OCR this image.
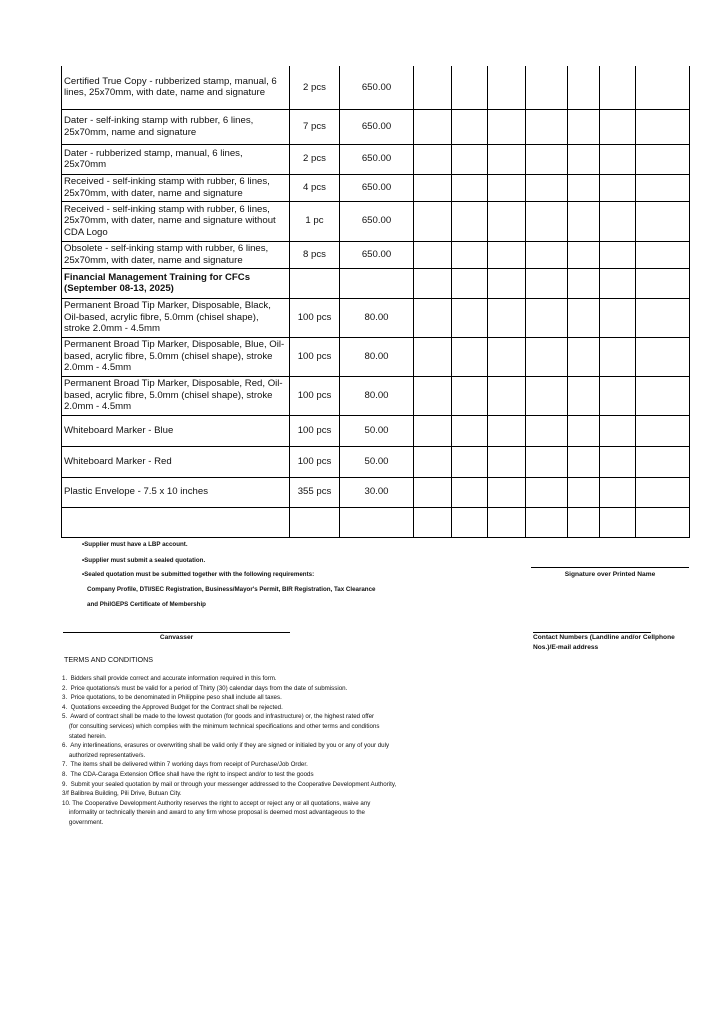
Certified True Copy - rubberized stamp, manual, 6 lines, 25x70mm, with date, name and signature	2 pcs	650.00							
Dater - self-inking stamp with rubber, 6 lines, 25x70mm, name and signature	7 pcs	650.00							
Dater - rubberized stamp, manual, 6 lines, 25x70mm	2 pcs	650.00							
Received - self-inking stamp with rubber, 6 lines, 25x70mm, with dater, name and signature	4 pcs	650.00							
Received - self-inking stamp with rubber, 6 lines, 25x70mm, with dater, name and signature without CDA Logo	1 pc	650.00							
Obsolete - self-inking stamp with rubber, 6 lines, 25x70mm, with dater, name and signature	8 pcs	650.00							
Financial Management Training for CFCs (September 08-13, 2025)									
Permanent Broad Tip Marker, Disposable, Black, Oil-based, acrylic fibre, 5.0mm (chisel shape), stroke 2.0mm - 4.5mm	100 pcs	80.00							
Permanent Broad Tip Marker, Disposable, Blue, Oil-based, acrylic fibre, 5.0mm (chisel shape), stroke 2.0mm - 4.5mm	100 pcs	80.00							
Permanent Broad Tip Marker, Disposable, Red, Oil-based, acrylic fibre, 5.0mm (chisel shape), stroke 2.0mm - 4.5mm	100 pcs	80.00							
Whiteboard Marker - Blue	100 pcs	50.00							
Whiteboard Marker - Red	100 pcs	50.00							
Plastic Envelope - 7.5 x 10 inches	355 pcs	30.00							

•Supplier must have a LBP account.
•Supplier must submit a sealed quotation.
•Sealed quotation must be submitted together with the following requirements:
Company Profile, DTI/SEC Registration, Business/Mayor's Permit, BIR Registration, Tax Clearance
and PhilGEPS Certificate of Membership
Signature over Printed Name
Canvasser	Contact Numbers (Landline and/or Cellphone Nos.)/E-mail address
TERMS AND CONDITIONS
1.  Bidders shall provide correct and accurate information required in this form.
2.  Price quotations/s must be valid for a period of Thirty (30) calendar days from the date of submission.
3.  Price quotations, to be denominated in Philippine peso shall include all taxes.
4.  Quotations exceeding the Approved Budget for the Contract shall be rejected.
5.  Award of contract shall be made to the lowest quotation (for goods and infrastructure) or, the highest rated offer
(for consulting services) which complies with the minimum technical specifications and other terms and conditions
stated herein.
6.  Any interlineations, erasures or overwriting shall be valid only if they are signed or initialed by you or any of your duly
authorized representative/s.
7.  The items shall be delivered within 7 working days from receipt of Purchase/Job Order.
8.  The CDA-Caraga Extension Office shall have the right to inspect and/or to test the goods
9.  Submit your sealed quotation by mail or through your messenger addressed to the Cooperative Development Authority,
3/f Balibrea Building, Pili Drive, Butuan City.
10. The Cooperative Development Authority reserves the right to accept or reject any or all quotations, waive any
informality or technically therein and award to any firm whose proposal is deemed most advantageous to the
government.
